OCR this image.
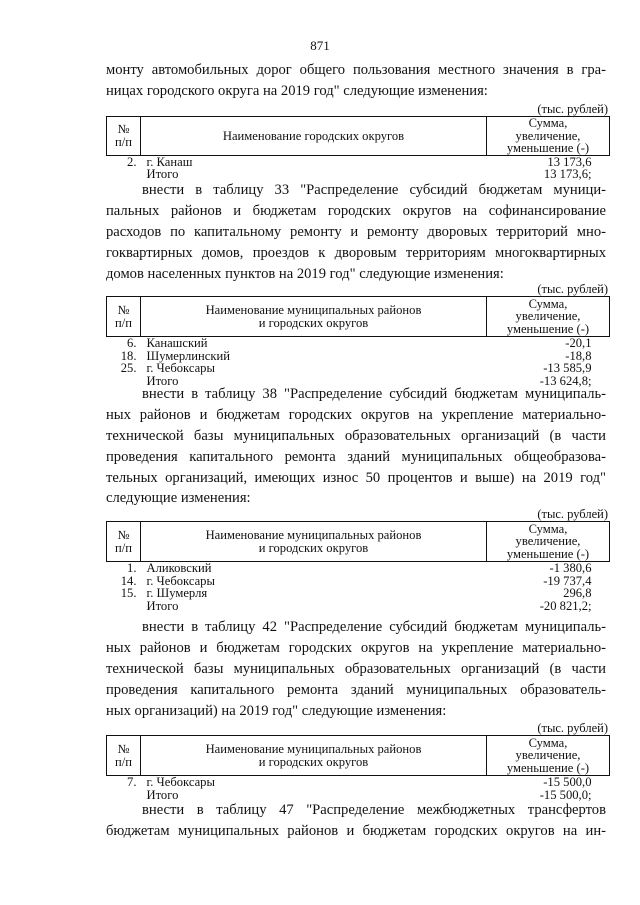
871
монту автомобильных дорог общего пользования местного значения в гра-
ницах городского округа на 2019 год" следующие изменения:
(тыс. рублей)
№
п/п	Наименование городских округов	Сумма,
увеличение,
уменьшение (-)
2.	г. Канаш	13 173,6
	Итого	13 173,6;
внести в таблицу 33 "Распределение субсидий бюджетам муници-
пальных районов и бюджетам городских округов на софинансирование
расходов по капитальному ремонту и ремонту дворовых территорий мно-
гоквартирных домов, проездов к дворовым территориям многоквартирных
домов населенных пунктов на 2019 год" следующие изменения:
(тыс. рублей)
№
п/п	Наименование муниципальных районов
и городских округов	Сумма,
увеличение,
уменьшение (-)
6.	Канашский	-20,1
18.	Шумерлинский	-18,8
25.	г. Чебоксары	-13 585,9
	Итого	-13 624,8;
внести в таблицу 38 "Распределение субсидий бюджетам муниципаль-
ных районов и бюджетам городских округов на укрепление материально-
технической базы муниципальных образовательных организаций (в части
проведения капитального ремонта зданий муниципальных общеобразова-
тельных организаций, имеющих износ 50 процентов и выше) на 2019 год"
следующие изменения:
(тыс. рублей)
№
п/п	Наименование муниципальных районов
и городских округов	Сумма,
увеличение,
уменьшение (-)
1.	Аликовский	-1 380,6
14.	г. Чебоксары	-19 737,4
15.	г. Шумерля	296,8
	Итого	-20 821,2;
внести в таблицу 42 "Распределение субсидий бюджетам муниципаль-
ных районов и бюджетам городских округов на укрепление материально-
технической базы муниципальных образовательных организаций (в части
проведения капитального ремонта зданий муниципальных образователь-
ных организаций) на 2019 год" следующие изменения:
(тыс. рублей)
№
п/п	Наименование муниципальных районов
и городских округов	Сумма,
увеличение,
уменьшение (-)
7.	г. Чебоксары	-15 500,0
	Итого	-15 500,0;
внести в таблицу 47 "Распределение межбюджетных трансфертов
бюджетам муниципальных районов и бюджетам городских округов на ин-
